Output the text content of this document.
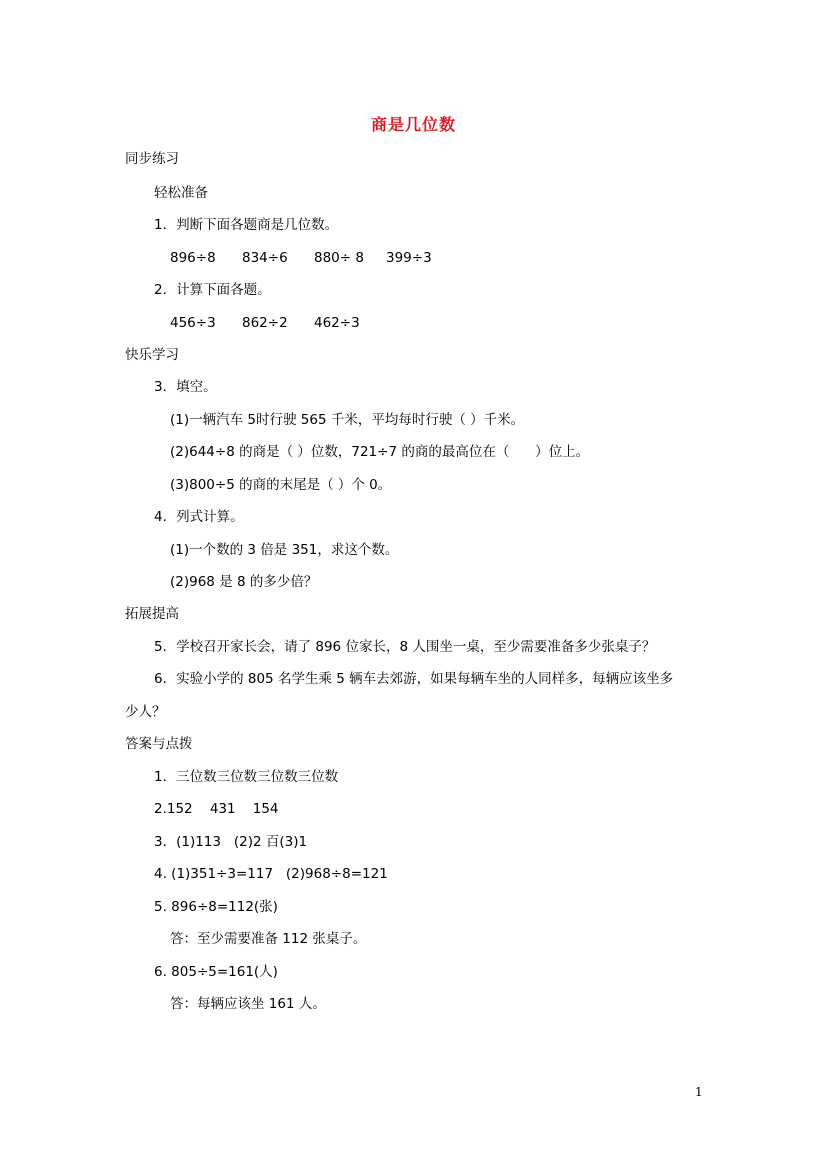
商是几位数
同步练习
轻松准备
1．判断下面各题商是几位数。
896÷8	834÷6	880÷ 8	399÷3
2．计算下面各题。
456÷3	862÷2	462÷3
快乐学习
3．填空。
(1)一辆汽车 5时行驶 565 千米，平均每时行驶（ ）千米。
(2)644÷8 的商是（ ）位数，721÷7 的商的最高位在（      ）位上。
(3)800÷5 的商的末尾是（ ）个 0。
4．列式计算。
(1)一个数的 3 倍是 351，求这个数。
(2)968 是 8 的多少倍？
拓展提高
5．学校召开家长会，请了 896 位家长，8 人围坐一桌，至少需要准备多少张桌子？
6．实验小学的 805 名学生乘 5 辆车去郊游，如果每辆车坐的人同样多，每辆应该坐多
少人？
答案与点拨
1．三位数三位数三位数三位数
2.152    431    154
3．(1)113   (2)2 百(3)1
4. (1)351÷3=117   (2)968÷8=121
5. 896÷8=112(张)
答：至少需要准备 112 张桌子。
6. 805÷5=161(人)
答：每辆应该坐 161 人。
1
